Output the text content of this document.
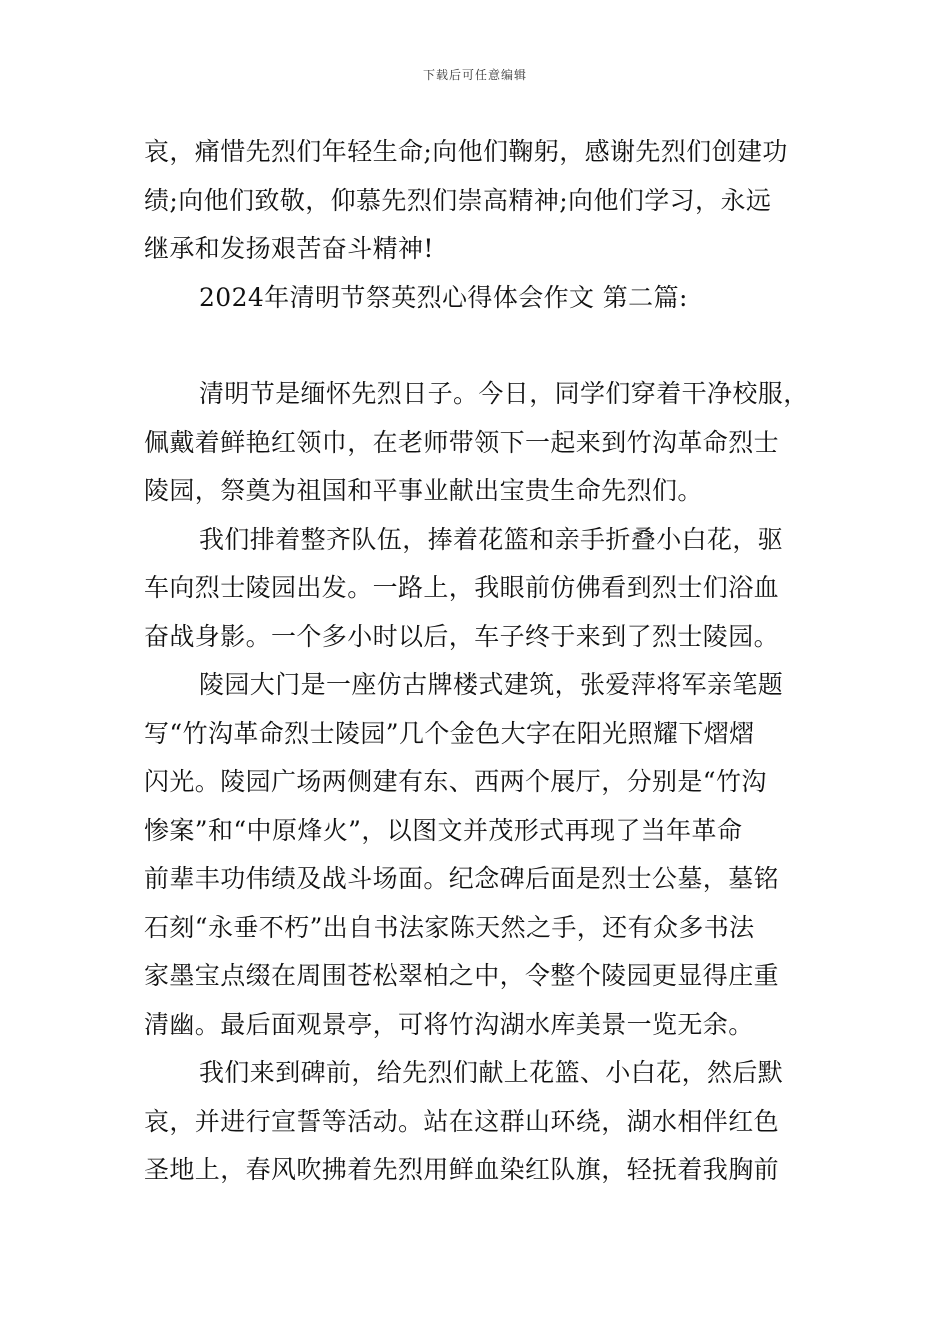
下载后可任意编辑
哀，痛惜先烈们年轻生命;向他们鞠躬，感谢先烈们创建功
绩;向他们致敬，仰慕先烈们崇高精神;向他们学习，永远
继承和发扬艰苦奋斗精神!
2024年清明节祭英烈心得体会作文 第二篇:
清明节是缅怀先烈日子。今日，同学们穿着干净校服，
佩戴着鲜艳红领巾，在老师带领下一起来到竹沟革命烈士
陵园，祭奠为祖国和平事业献出宝贵生命先烈们。
我们排着整齐队伍，捧着花篮和亲手折叠小白花，驱
车向烈士陵园出发。一路上，我眼前仿佛看到烈士们浴血
奋战身影。一个多小时以后，车子终于来到了烈士陵园。
陵园大门是一座仿古牌楼式建筑，张爱萍将军亲笔题
写“竹沟革命烈士陵园”几个金色大字在阳光照耀下熠熠
闪光。陵园广场两侧建有东、西两个展厅，分别是“竹沟
惨案”和“中原烽火”，以图文并茂形式再现了当年革命
前辈丰功伟绩及战斗场面。纪念碑后面是烈士公墓，墓铭
石刻“永垂不朽”出自书法家陈天然之手，还有众多书法
家墨宝点缀在周围苍松翠柏之中，令整个陵园更显得庄重
清幽。最后面观景亭，可将竹沟湖水库美景一览无余。
我们来到碑前，给先烈们献上花篮、小白花，然后默
哀，并进行宣誓等活动。站在这群山环绕，湖水相伴红色
圣地上，春风吹拂着先烈用鲜血染红队旗，轻抚着我胸前
